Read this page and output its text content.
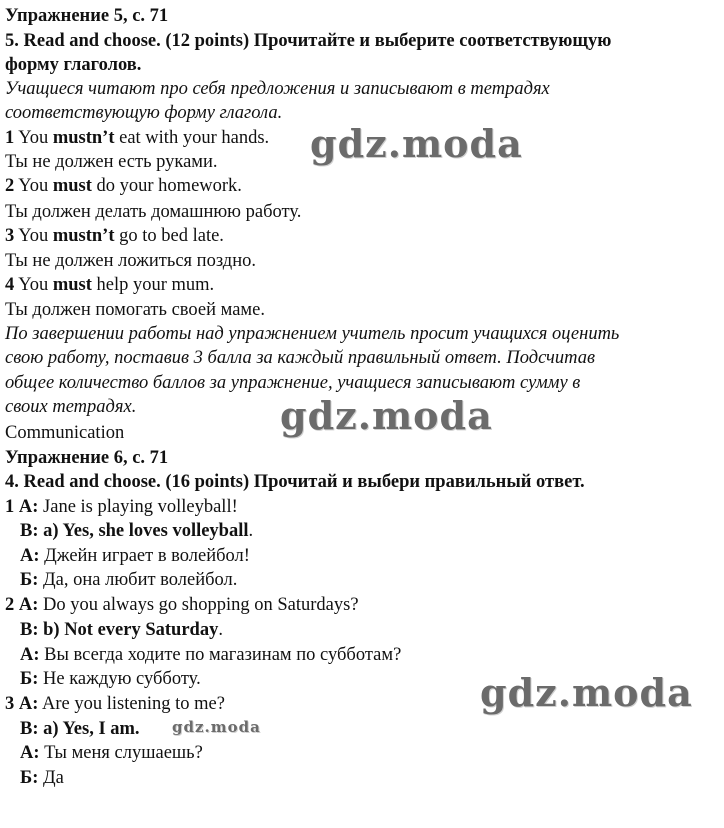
Упражнение 5, с. 71
5. Read and choose. (12 points) Прочитайте и выберите соответствующую
форму глаголов.
Учащиеся читают про себя предложения и записывают в тетрадях
соответствующую форму глагола.
1 You mustn’t eat with your hands.
Ты не должен есть руками.
2 You must do your homework.
Ты должен делать домашнюю работу.
3 You mustn’t go to bed late.
Ты не должен ложиться поздно.
4 You must help your mum.
Ты должен помогать своей маме.
По завершении работы над упражнением учитель просит учащихся оценить
свою работу, поставив 3 балла за каждый правильный ответ. Подсчитав
общее количество баллов за упражнение, учащиеся записывают сумму в
своих тетрадях.
Communication
Упражнение 6, с. 71
4. Read and choose. (16 points) Прочитай и выбери правильный ответ.
1 A: Jane is playing volleyball!
B: a) Yes, she loves volleyball.
А: Джейн играет в волейбол!
Б: Да, она любит волейбол.
2 A: Do you always go shopping on Saturdays?
B: b) Not every Saturday.
А: Вы всегда ходите по магазинам по субботам?
Б: Не каждую субботу.
3 A: Are you listening to me?
B: a) Yes, I am.
А: Ты меня слушаешь?
Б: Да
gdz.moda
gdz.moda
gdz.moda
gdz.moda
